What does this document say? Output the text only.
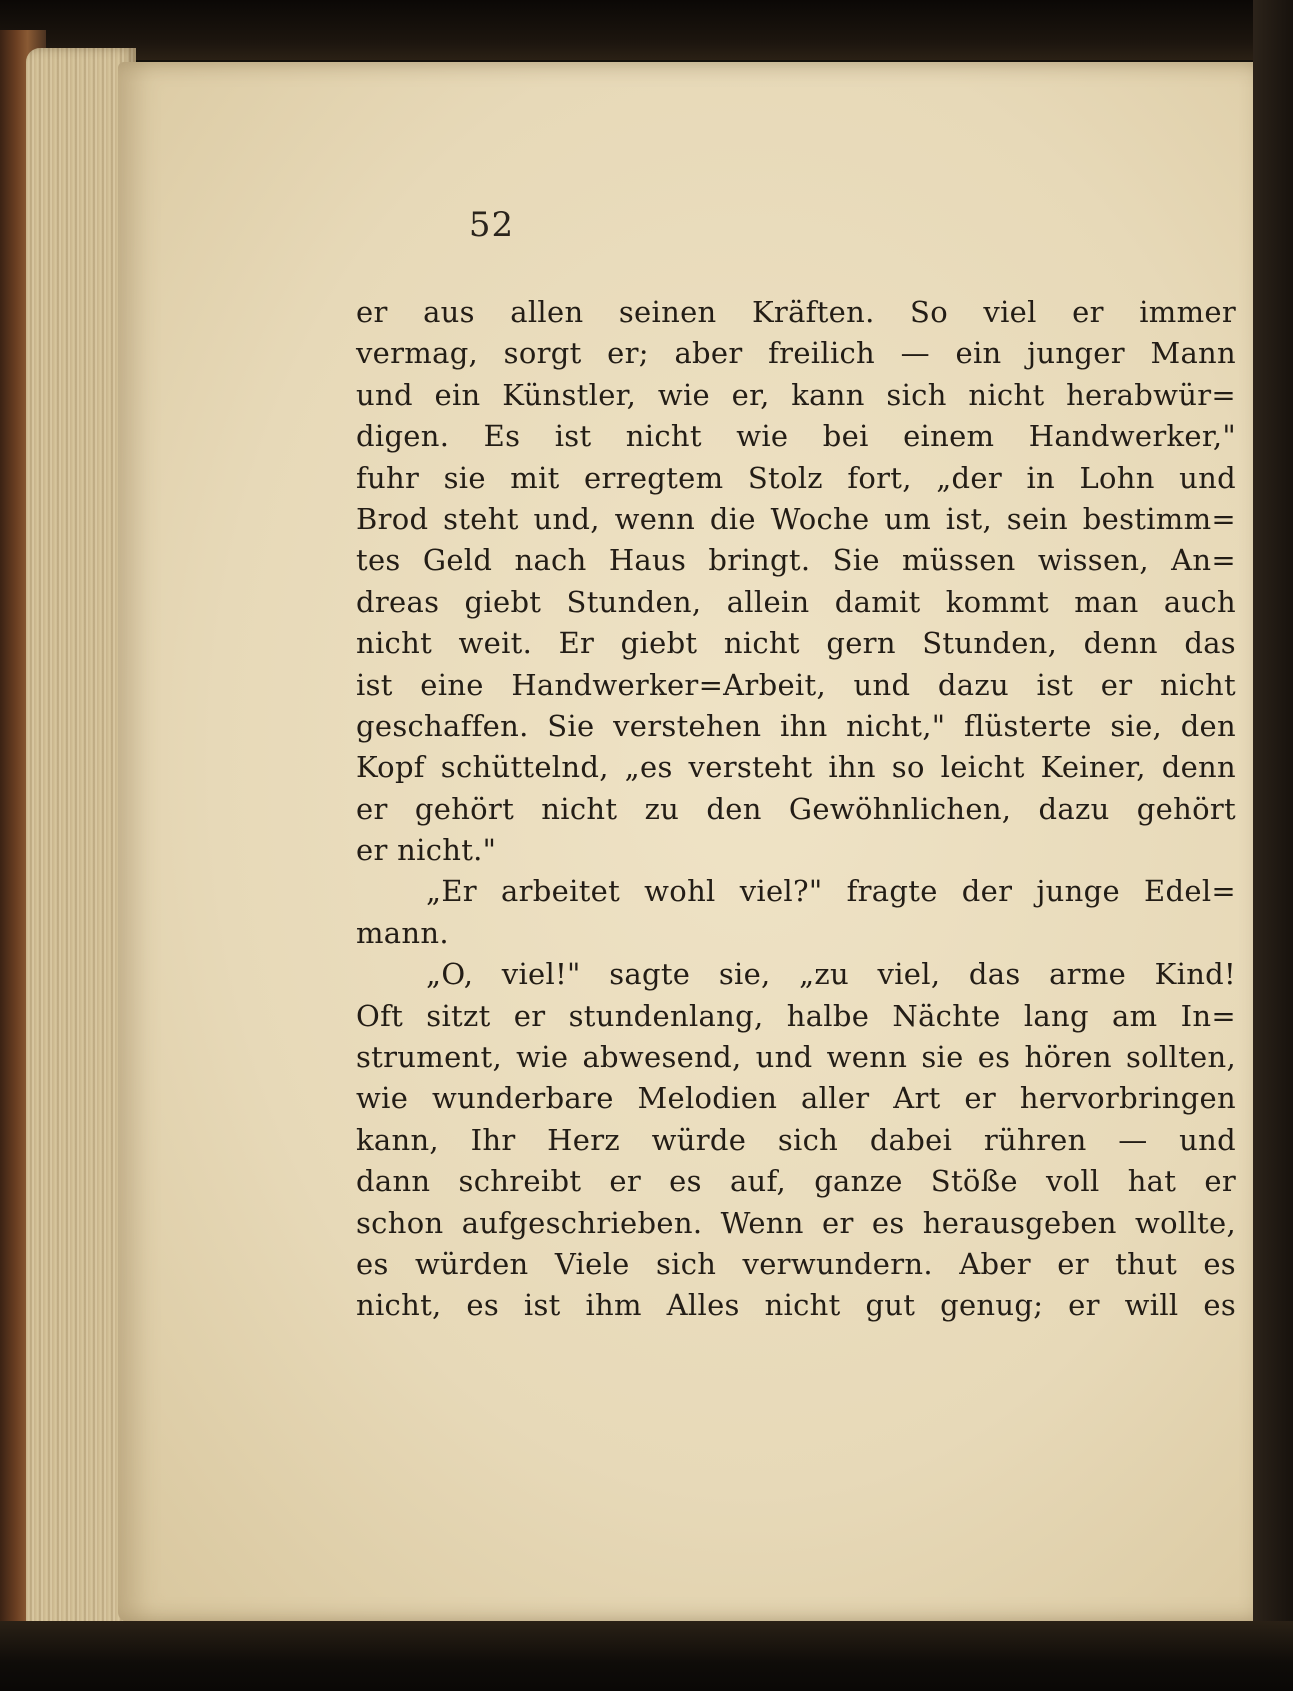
52
er aus allen seinen Kräften. So viel er immer
vermag, sorgt er; aber freilich — ein junger Mann
und ein Künstler, wie er, kann sich nicht herabwür=
digen. Es ist nicht wie bei einem Handwerker,"
fuhr sie mit erregtem Stolz fort, „der in Lohn und
Brod steht und, wenn die Woche um ist, sein bestimm=
tes Geld nach Haus bringt. Sie müssen wissen, An=
dreas giebt Stunden, allein damit kommt man auch
nicht weit. Er giebt nicht gern Stunden, denn das
ist eine Handwerker=Arbeit, und dazu ist er nicht
geschaffen. Sie verstehen ihn nicht," flüsterte sie, den
Kopf schüttelnd, „es versteht ihn so leicht Keiner, denn
er gehört nicht zu den Gewöhnlichen, dazu gehört
er nicht."
„Er arbeitet wohl viel?" fragte der junge Edel=
mann.
„O, viel!" sagte sie, „zu viel, das arme Kind!
Oft sitzt er stundenlang, halbe Nächte lang am In=
strument, wie abwesend, und wenn sie es hören sollten,
wie wunderbare Melodien aller Art er hervorbringen
kann, Ihr Herz würde sich dabei rühren — und
dann schreibt er es auf, ganze Stöße voll hat er
schon aufgeschrieben. Wenn er es herausgeben wollte,
es würden Viele sich verwundern. Aber er thut es
nicht, es ist ihm Alles nicht gut genug; er will es
